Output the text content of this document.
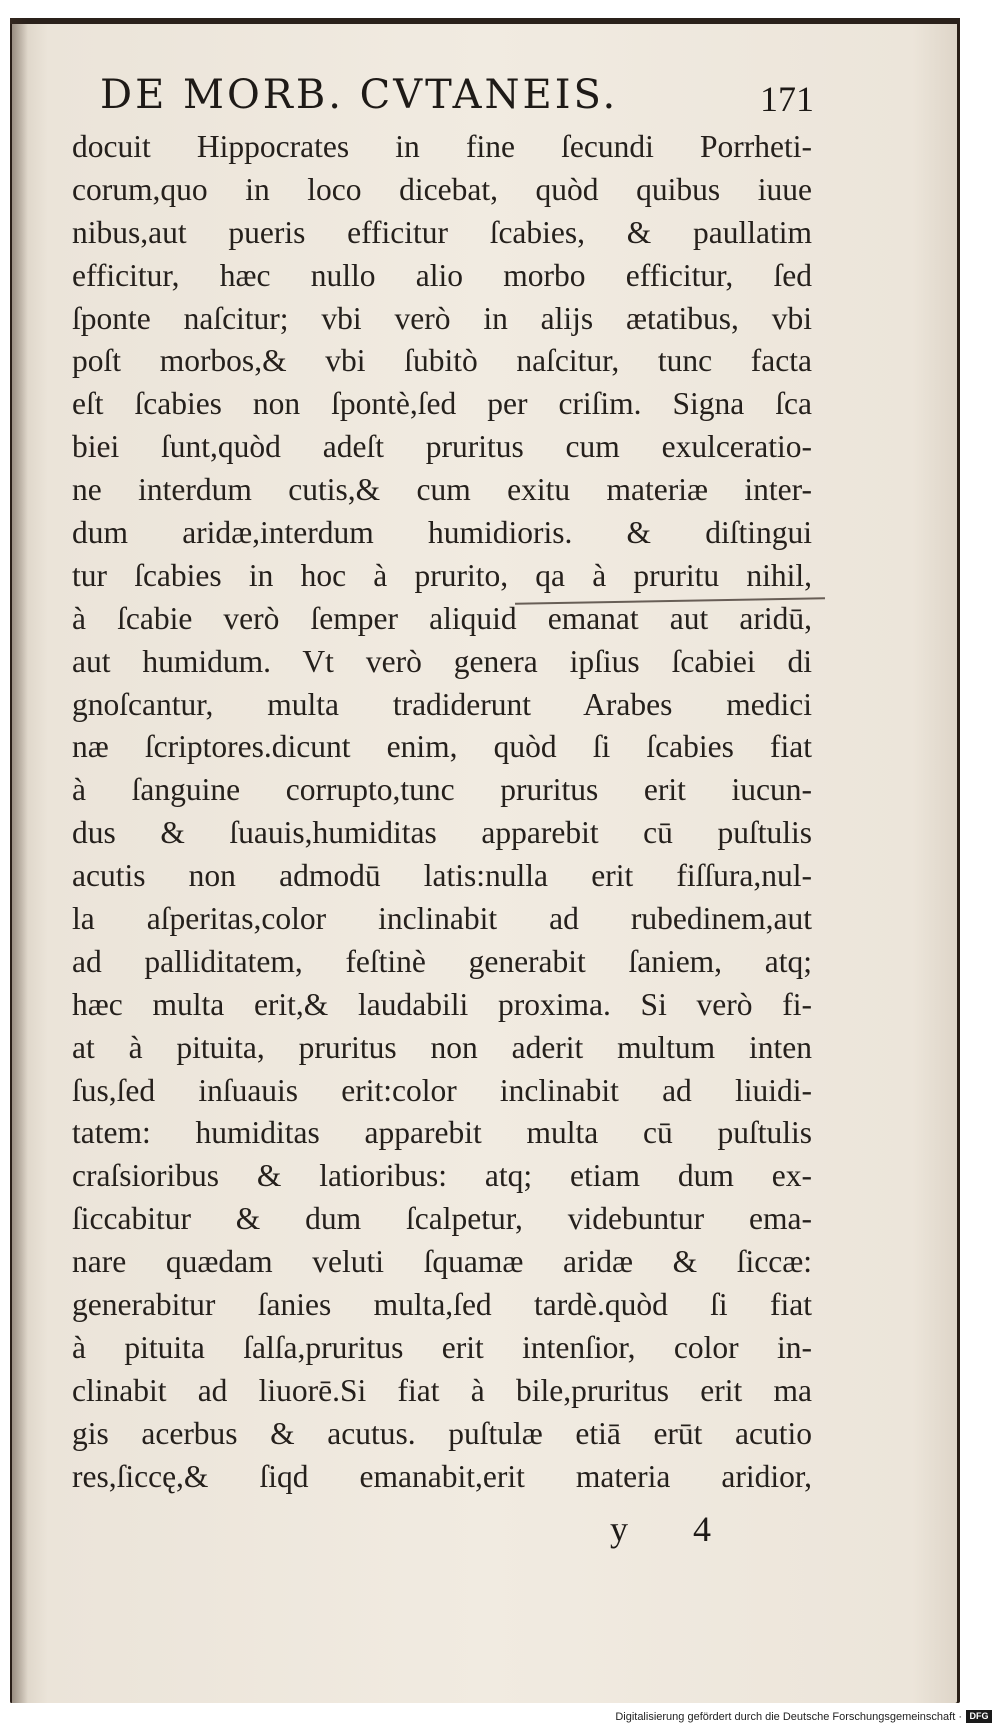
DE MORB. CVTANEIS.	171
docuit Hippocrates in fine ſecundi Porrheti-
corum,quo in loco dicebat, quòd quibus iuue
nibus,aut pueris efficitur ſcabies, & paullatim
efficitur, hæc nullo alio morbo efficitur, ſed
ſponte naſcitur; vbi verò in alijs ætatibus, vbi
poſt morbos,& vbi ſubitò naſcitur, tunc facta
eſt ſcabies non ſpontè,ſed per criſim. Signa ſca
biei ſunt,quòd adeſt pruritus cum exulceratio-
ne interdum cutis,& cum exitu materiæ inter-
dum aridæ,interdum humidioris. & diſtingui
tur ſcabies in hoc à prurito, qa à pruritu nihil,
à ſcabie verò ſemper aliquid emanat aut aridū,
aut humidum. Vt verò genera ipſius ſcabiei di
gnoſcantur, multa tradiderunt Arabes medici
næ ſcriptores.dicunt enim, quòd ſi ſcabies fiat
à ſanguine corrupto,tunc pruritus erit iucun-
dus & ſuauis,humiditas apparebit cū puſtulis
acutis non admodū latis:nulla erit fiſſura,nul-
la aſperitas,color inclinabit ad rubedinem,aut
ad palliditatem, feſtinè generabit ſaniem, atq;
hæc multa erit,& laudabili proxima. Si verò fi-
at à pituita, pruritus non aderit multum inten
ſus,ſed inſuauis erit:color inclinabit ad liuidi-
tatem: humiditas apparebit multa cū puſtulis
craſsioribus & latioribus: atq; etiam dum ex-
ſiccabitur & dum ſcalpetur, videbuntur ema-
nare quædam veluti ſquamæ aridæ & ſiccæ:
generabitur ſanies multa,ſed tardè.quòd ſi fiat
à pituita ſalſa,pruritus erit intenſior, color in-
clinabit ad liuorē.Si fiat à bile,pruritus erit ma
gis acerbus & acutus. puſtulæ etiā erūt acutio
res,ſiccę,& ſiqd emanabit,erit materia aridior,
y 4
Digitalisierung gefördert durch die Deutsche Forschungsgemeinschaft · DFG
